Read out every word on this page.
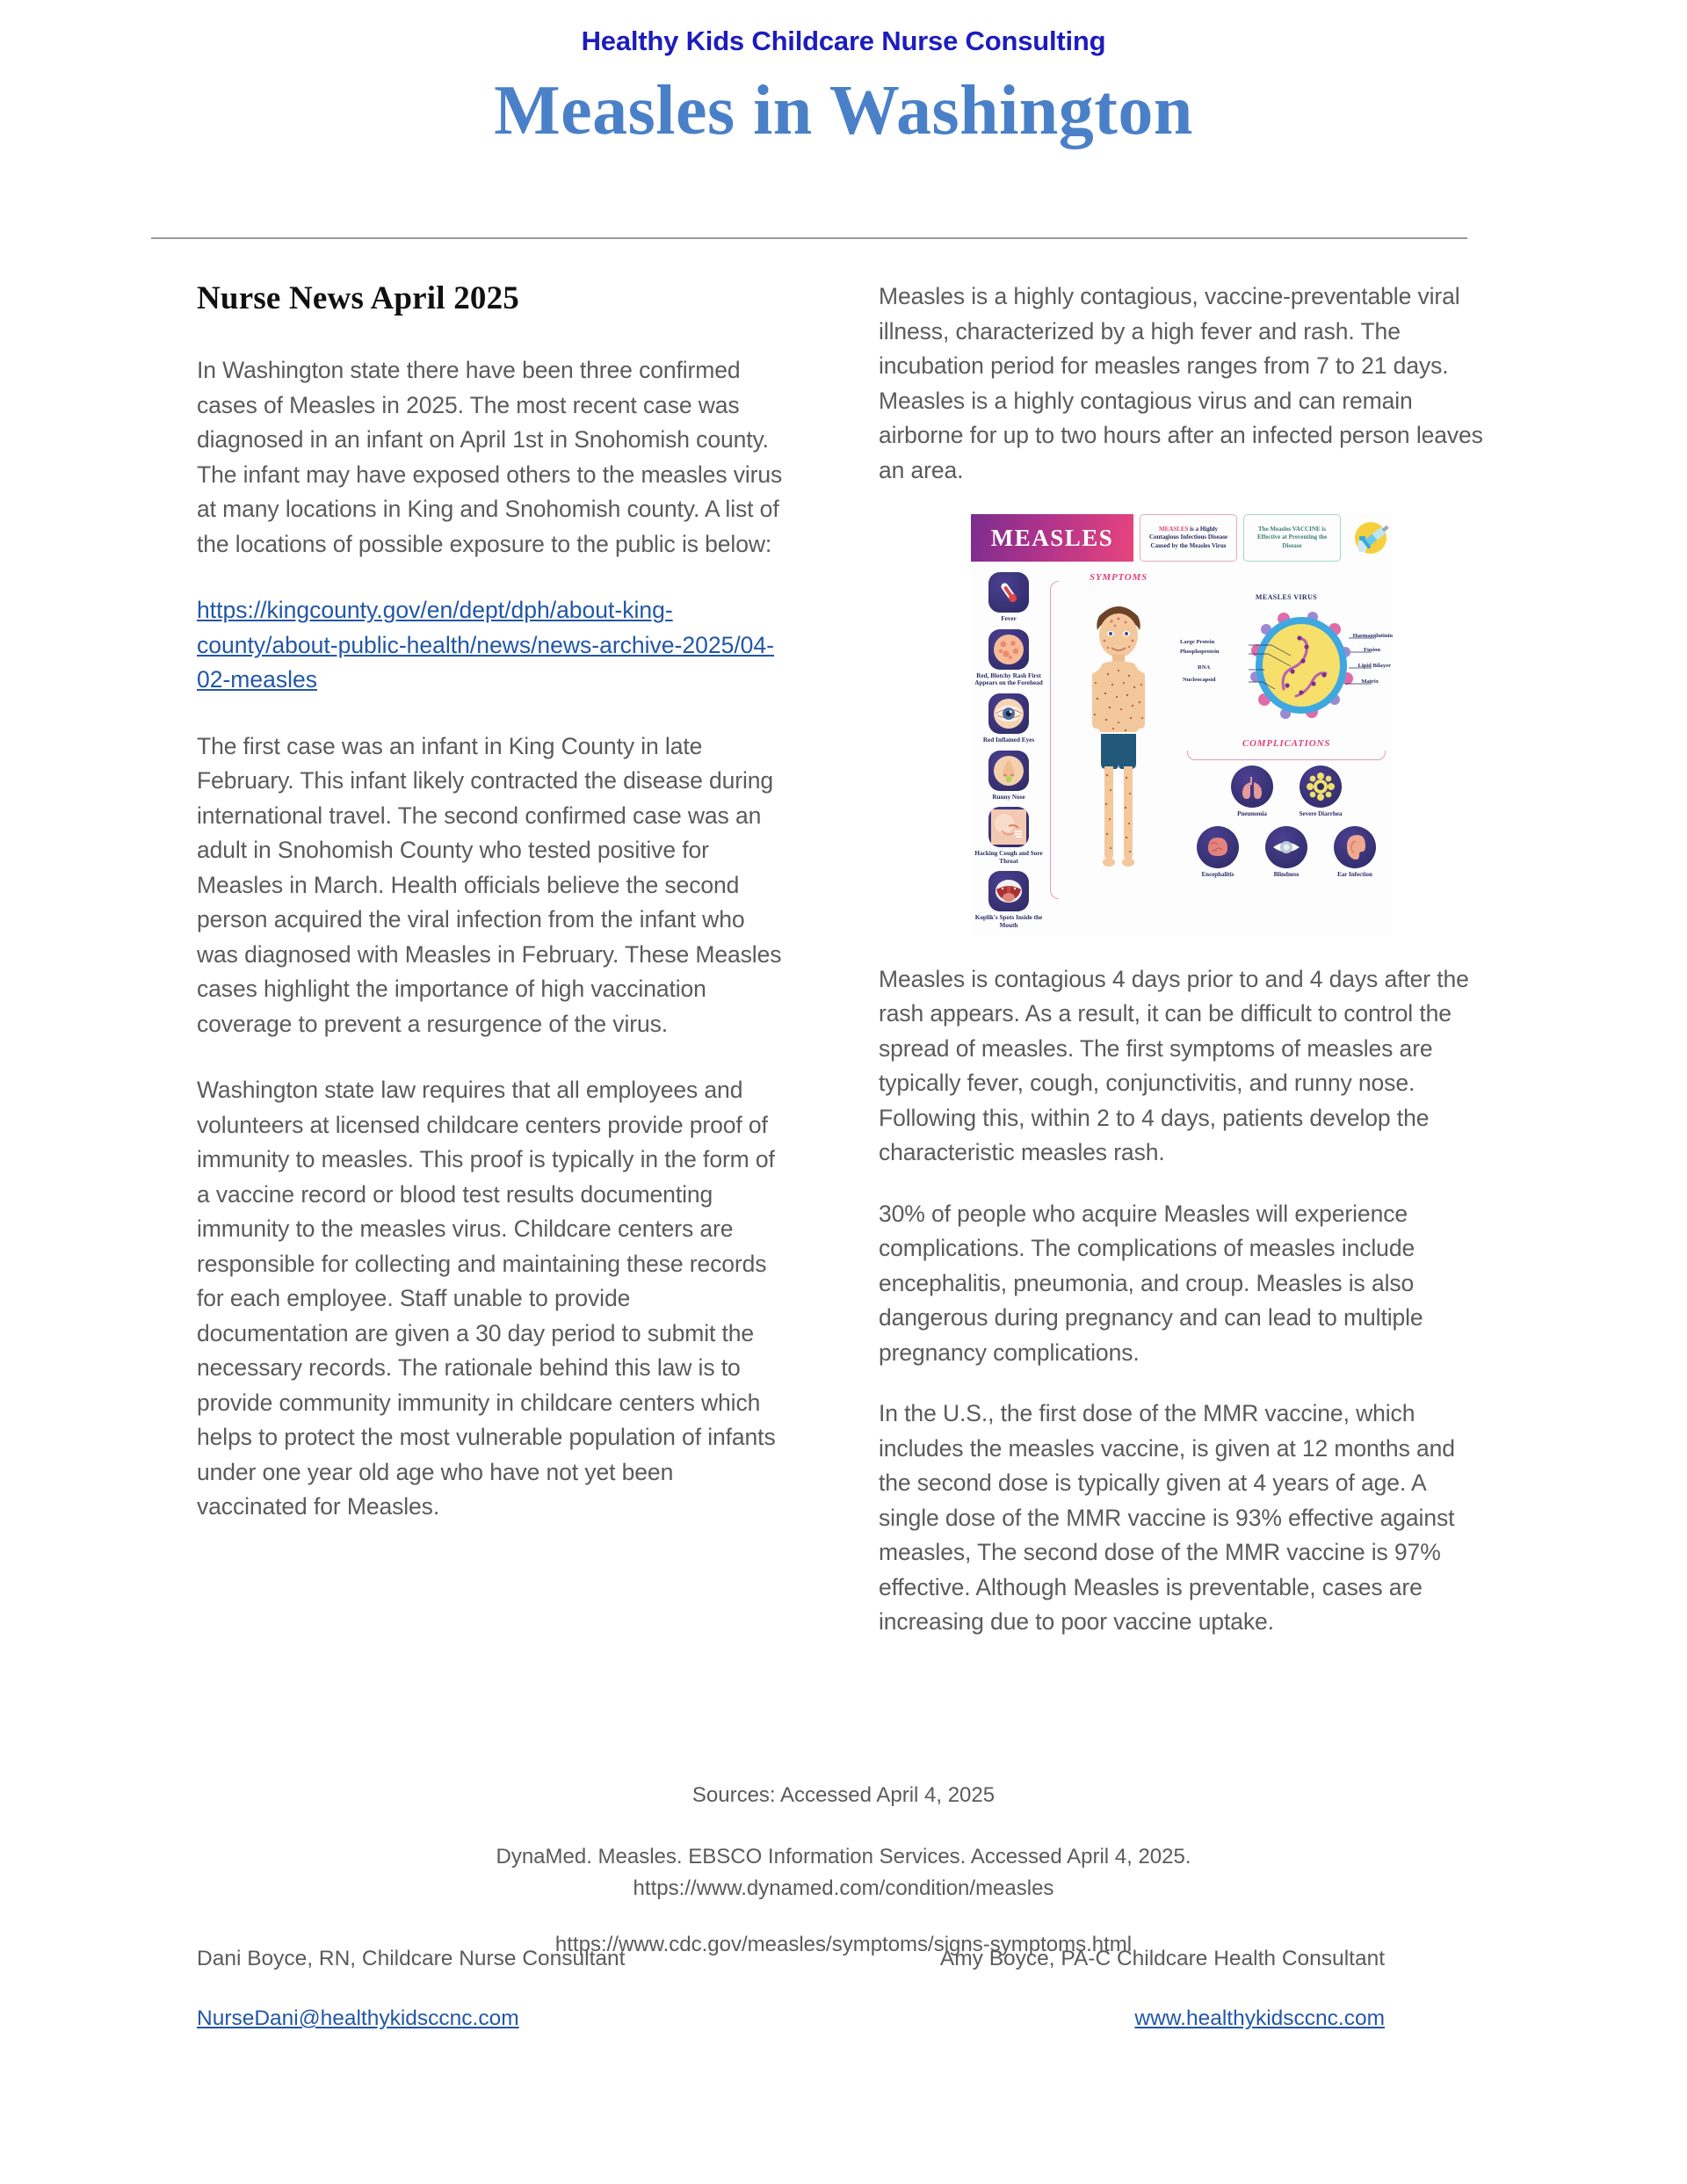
Healthy Kids Childcare Nurse Consulting
Measles in Washington
Nurse News April 2025

In Washington state there have been three confirmed cases of Measles in 2025. The most recent case was diagnosed in an infant on April 1st in Snohomish county. The infant may have exposed others to the measles virus at many locations in King and Snohomish county. A list of the locations of possible exposure to the public is below:

https://kingcounty.gov/en/dept/dph/about-king-county/about-public-health/news/news-archive-2025/04-02-measles

The first case was an infant in King County in late February. This infant likely contracted the disease during international travel. The second confirmed case was an adult in Snohomish County who tested positive for Measles in March. Health officials believe the second person acquired the viral infection from the infant who was diagnosed with Measles in February. These Measles cases highlight the importance of high vaccination coverage to prevent a resurgence of the virus.

Washington state law requires that all employees and volunteers at licensed childcare centers provide proof of immunity to measles. This proof is typically in the form of a vaccine record or blood test results documenting immunity to the measles virus. Childcare centers are responsible for collecting and maintaining these records for each employee. Staff unable to provide documentation are given a 30 day period to submit the necessary records. The rationale behind this law is to provide community immunity in childcare centers which helps to protect the most vulnerable population of infants under one year old age who have not yet been vaccinated for Measles.

Measles is a highly contagious, vaccine-preventable viral illness, characterized by a high fever and rash. The incubation period for measles ranges from 7 to 21 days. Measles is a highly contagious virus and can remain airborne for up to two hours after an infected person leaves an area.

MEASLES	MEASLES is a Highly Contagious Infectious Disease Caused by the Measles Virus
The Measles VACCINE is Effective at Preventing the Disease
Fever
Red, Blotchy Rash First Appears on the Forehead
Red Inflamed Eyes
Runny Nose
Hacking Cough and Sore Throat
Koplik's Spots Inside the Mouth
SYMPTOMS
MEASLES VIRUS
Large Protein
Phosphoprotein
RNA
Nucleocapsid
Haemagglutinin
Fusion
Lipid Bilayer
Matrix
COMPLICATIONS
Pneumonia	Severe Diarrhea
Encephalitis	Blindness	Ear Infection

Measles is contagious 4 days prior to and 4 days after the rash appears. As a result, it can be difficult to control the spread of measles. The first symptoms of measles are typically fever, cough, conjunctivitis, and runny nose. Following this, within 2 to 4 days, patients develop the characteristic measles rash.

30% of people who acquire Measles will experience complications. The complications of measles include encephalitis, pneumonia, and croup. Measles is also dangerous during pregnancy and can lead to multiple pregnancy complications.

In the U.S., the first dose of the MMR vaccine, which includes the measles vaccine, is given at 12 months and the second dose is typically given at 4 years of age. A single dose of the MMR vaccine is 93% effective against measles, The second dose of the MMR vaccine is 97% effective. Although Measles is preventable, cases are increasing due to poor vaccine uptake.

Sources: Accessed April 4, 2025

DynaMed. Measles. EBSCO Information Services. Accessed April 4, 2025.
https://www.dynamed.com/condition/measles

https://www.cdc.gov/measles/symptoms/signs-symptoms.html

Dani Boyce, RN, Childcare Nurse Consultant	Amy Boyce, PA-C Childcare Health Consultant
NurseDani@healthykidsccnc.com	www.healthykidsccnc.com
